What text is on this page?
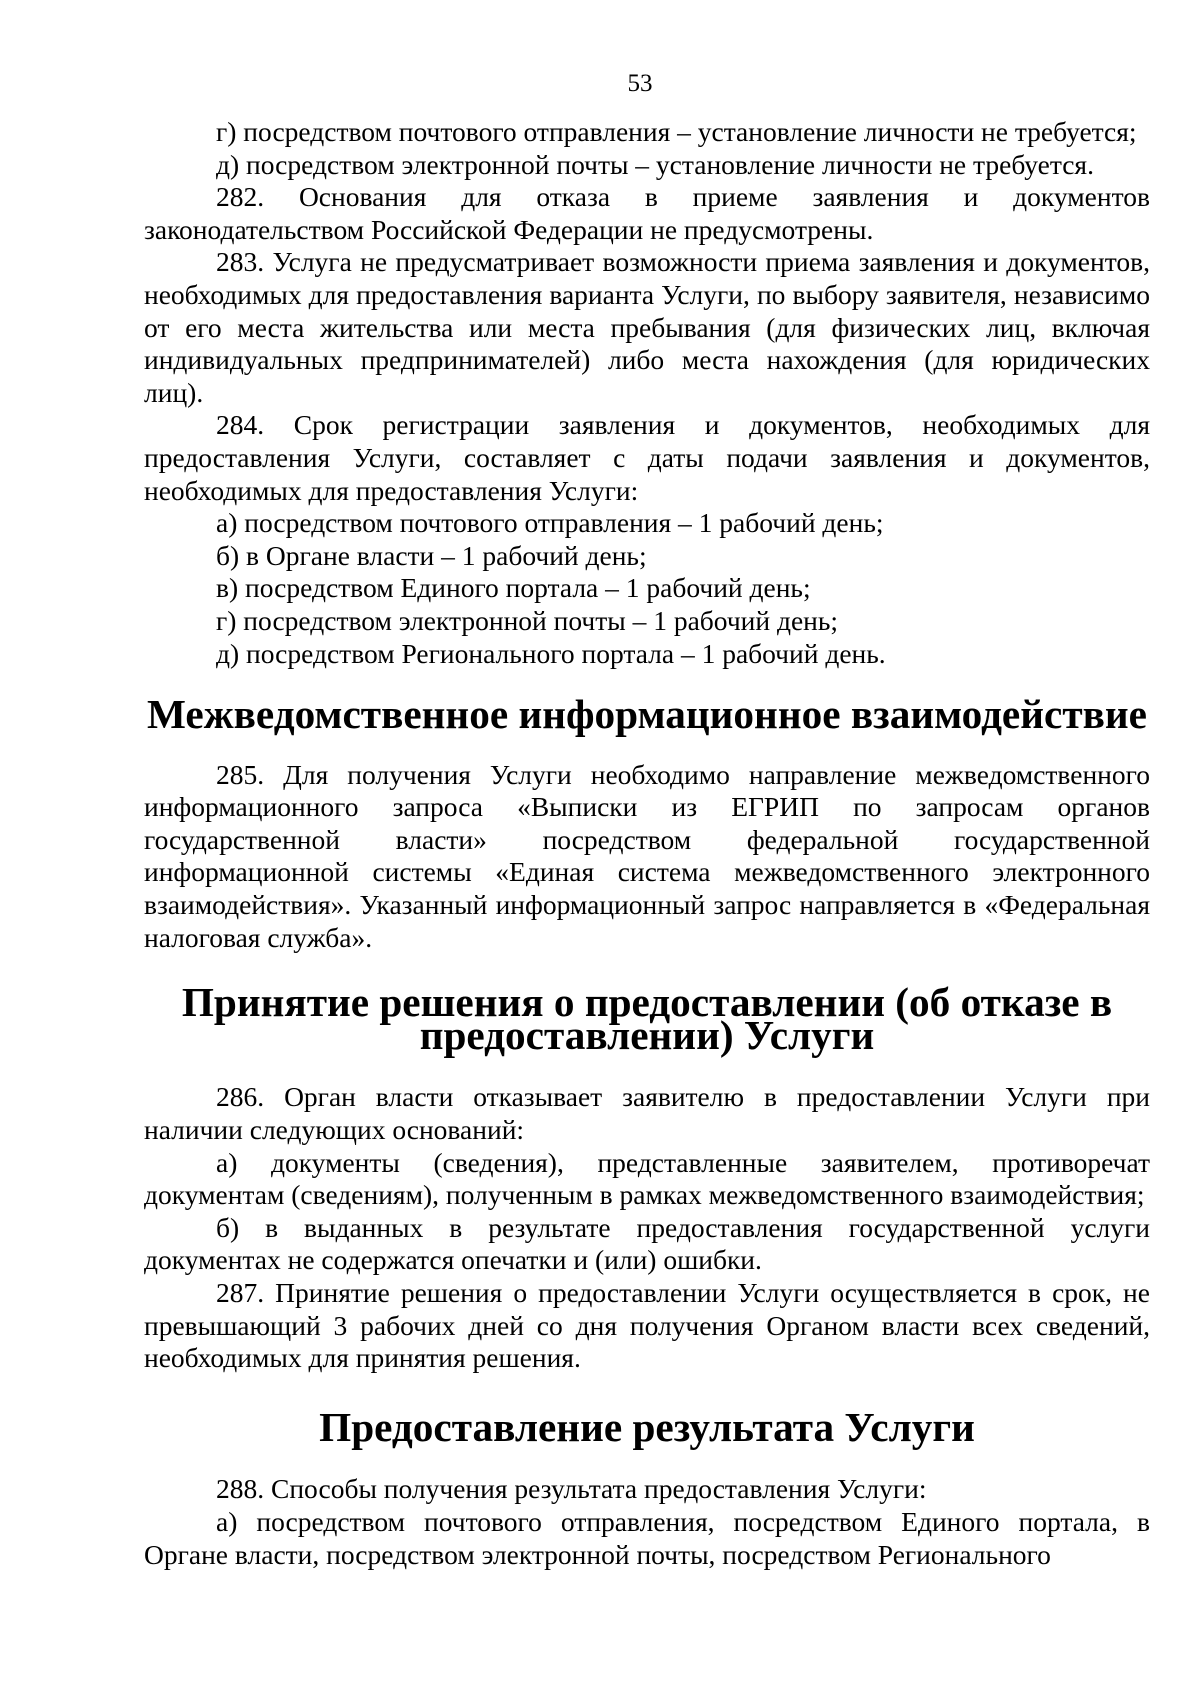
53

г) посредством почтового отправления – установление личности не требуется;

д) посредством электронной почты – установление личности не требуется.

282. Основания для отказа в приеме заявления и документов законодательством Российской Федерации не предусмотрены.

283. Услуга не предусматривает возможности приема заявления и документов, необходимых для предоставления варианта Услуги, по выбору заявителя, независимо от его места жительства или места пребывания (для физических лиц, включая индивидуальных предпринимателей) либо места нахождения (для юридических лиц).

284. Срок регистрации заявления и документов, необходимых для предоставления Услуги, составляет с даты подачи заявления и документов, необходимых для предоставления Услуги:

а) посредством почтового отправления – 1 рабочий день;

б) в Органе власти – 1 рабочий день;

в) посредством Единого портала – 1 рабочий день;

г) посредством электронной почты – 1 рабочий день;

д) посредством Регионального портала – 1 рабочий день.

Межведомственное информационное взаимодействие

285. Для получения Услуги необходимо направление межведомственного информационного запроса «Выписки из ЕГРИП по запросам органов государственной власти» посредством федеральной государственной информационной системы «Единая система межведомственного электронного взаимодействия». Указанный информационный запрос направляется в «Федеральная налоговая служба».

Принятие решения о предоставлении (об отказе в предоставлении) Услуги

286. Орган власти отказывает заявителю в предоставлении Услуги при наличии следующих оснований:

а) документы (сведения), представленные заявителем, противоречат документам (сведениям), полученным в рамках межведомственного взаимодействия;

б) в выданных в результате предоставления государственной услуги документах не содержатся опечатки и (или) ошибки.

287. Принятие решения о предоставлении Услуги осуществляется в срок, не превышающий 3 рабочих дней со дня получения Органом власти всех сведений, необходимых для принятия решения.

Предоставление результата Услуги

288. Способы получения результата предоставления Услуги:

а) посредством почтового отправления, посредством Единого портала, в Органе власти, посредством электронной почты, посредством Регионального
